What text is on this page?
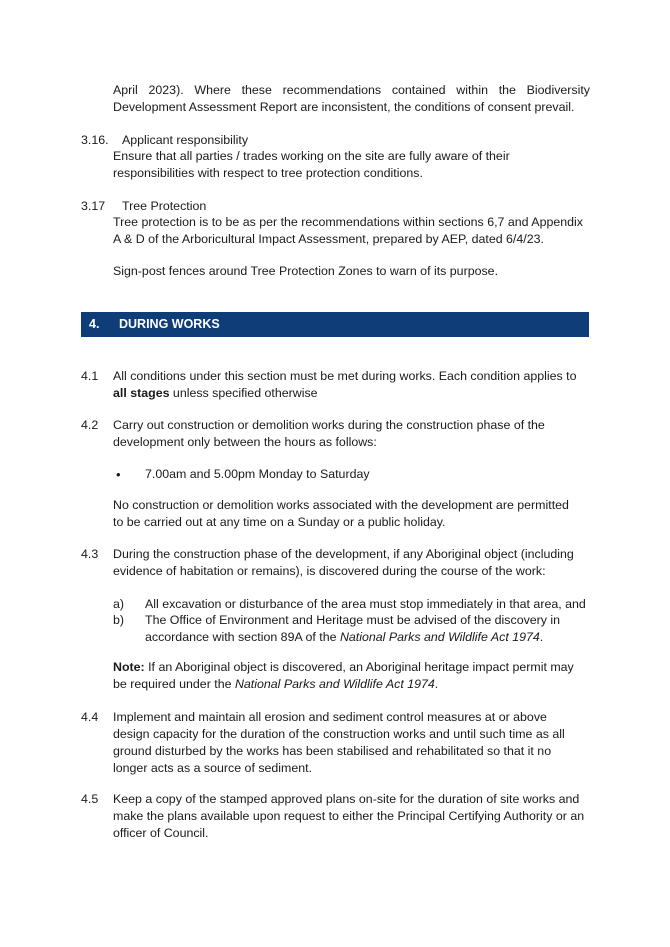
April 2023). Where these recommendations contained within the Biodiversity

Development Assessment Report are inconsistent, the conditions of consent prevail.

3.16. Applicant responsibility

Ensure that all parties / trades working on the site are fully aware of their

responsibilities with respect to tree protection conditions.

3.17 Tree Protection

Tree protection is to be as per the recommendations within sections 6,7 and Appendix

A & D of the Arboricultural Impact Assessment, prepared by AEP, dated 6/4/23.

Sign-post fences around Tree Protection Zones to warn of its purpose.

4. DURING WORKS
4.1 All conditions under this section must be met during works. Each condition applies to

all stages unless specified otherwise

4.2 Carry out construction or demolition works during the construction phase of the

development only between the hours as follows:

• 7.00am and 5.00pm Monday to Saturday

No construction or demolition works associated with the development are permitted

to be carried out at any time on a Sunday or a public holiday.

4.3 During the construction phase of the development, if any Aboriginal object (including

evidence of habitation or remains), is discovered during the course of the work:

a) All excavation or disturbance of the area must stop immediately in that area, and
b) The Office of Environment and Heritage must be advised of the discovery in

accordance with section 89A of the National Parks and Wildlife Act 1974.

Note: If an Aboriginal object is discovered, an Aboriginal heritage impact permit may

be required under the National Parks and Wildlife Act 1974.

4.4 Implement and maintain all erosion and sediment control measures at or above

design capacity for the duration of the construction works and until such time as all

ground disturbed by the works has been stabilised and rehabilitated so that it no

longer acts as a source of sediment.

4.5 Keep a copy of the stamped approved plans on-site for the duration of site works and

make the plans available upon request to either the Principal Certifying Authority or an

officer of Council.
